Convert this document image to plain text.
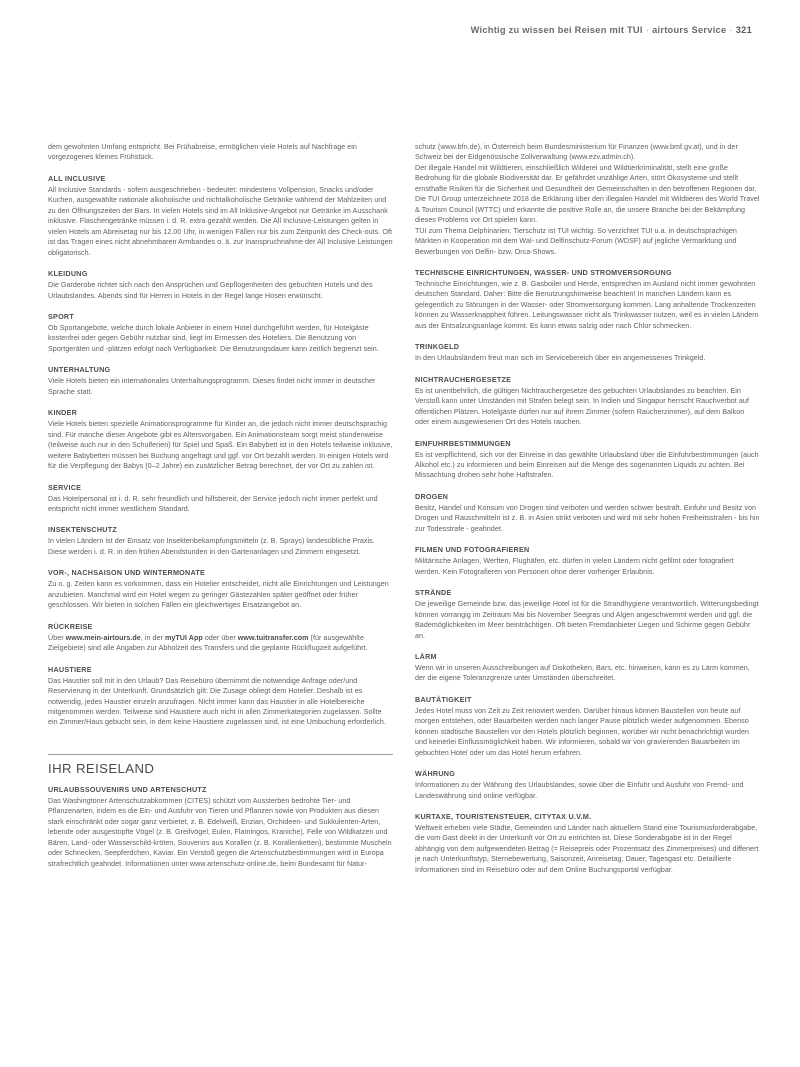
Wichtig zu wissen bei Reisen mit TUI · airtours Service · 321

dem gewohnten Umfang entspricht. Bei Frühabreise, ermöglichen viele Hotels auf Nachfrage ein vorgezogenes kleines Frühstück.

ALL INCLUSIVE

All Inclusive Standards - sofern ausgeschrieben - bedeutet: mindestens Vollpension, Snacks und/oder Kuchen, ausgewählte nationale alkoholische und nichtalkoholische Getränke während der Mahlzeiten und zu den Öffnungszeiten der Bars. In vielen Hotels sind im All Inklusive-Angebot nur Getränke im Ausschank inklusive. Flaschengetränke müssen i. d. R. extra gezahlt werden. Die All Inclusive-Leistungen gelten in vielen Hotels am Abreisetag nur bis 12.00 Uhr, in wenigen Fällen nur bis zum Zeitpunkt des Check-outs. Oft ist das Tragen eines nicht abnehmbaren Armbandes o. ä. zur Inanspruchnahme der All Inclusive Leistungen obligatorisch.

KLEIDUNG

Die Garderobe richtet sich nach den Ansprüchen und Gepflogenheiten des gebuchten Hotels und des Urlaubslandes. Abends sind für Herren in Hotels in der Regel lange Hosen erwünscht.

SPORT

Ob Sportangebote, welche durch lokale Anbieter in einem Hotel durchgeführt werden, für Hotelgäste kostenfrei oder gegen Gebühr nutzbar sind, liegt im Ermessen des Hoteliers. Die Benutzung von Sportgeräten und -plätzen erfolgt nach Verfügbarkeit. Die Benutzungsdauer kann zeitlich begrenzt sein.

UNTERHALTUNG

Viele Hotels bieten ein internationales Unterhaltungsprogramm. Dieses findet nicht immer in deutscher Sprache statt.

KINDER

Viele Hotels bieten spezielle Animationsprogramme für Kinder an, die jedoch nicht immer deutschsprachig sind. Für manche dieser Angebote gibt es Altersvorgaben. Ein Animationsteam sorgt meist stundenweise (teilweise auch nur in den Schulferien) für Spiel und Spaß. Ein Babybett ist in den Hotels teilweise inklusive, weitere Babybetten müssen bei Buchung angefragt und ggf. vor Ort bezahlt werden. In einigen Hotels wird für die Verpflegung der Babys (0–2 Jahre) ein zusätzlicher Betrag berechnet, der vor Ort zu zahlen ist.

SERVICE

Das Hotelpersonal ist i. d. R. sehr freundlich und hilfsbereit, der Service jedoch nicht immer perfekt und entspricht nicht immer westlichem Standard.

INSEKTENSCHUTZ

In vielen Ländern ist der Einsatz von Insektenbekampfungsmitteln (z. B. Sprays) landesübliche Praxis. Diese werden i. d. R. in den frühen Abendstunden in den Gartenanlagen und Zimmern eingesetzt.

VOR-, NACHSAISON UND WINTERMONATE

Zu o. g. Zeiten kann es vorkommen, dass ein Hotelier entscheidet, nicht alle Einrichtungen und Leistungen anzubieten. Manchmal wird ein Hotel wegen zu geringer Gästezahlen später geöffnet oder früher geschlossen. Wir bieten in solchen Fällen ein gleichwertiges Ersatzangebot an.

RÜCKREISE

Über www.mein-airtours.de, in der myTUI App oder über www.tuitransfer.com (für ausgewählte Zielgebiete) sind alle Angaben zur Abholzeit des Transfers und die geplante Rückflugzeit aufgeführt.

HAUSTIERE

Das Haustier soll mit in den Urlaub? Das Reisebüro übernimmt die notwendige Anfrage oder/und Reservierung in der Unterkunft. Grundsätzlich gilt: Die Zusage obliegt dem Hotelier. Deshalb ist es notwendig, jedes Haustier einzeln anzufragen. Nicht immer kann das Haustier in alle Hotelbereiche mitgenommen werden. Teilweise sind Haustiere auch nicht in allen Zimmerkategorien zugelassen. Sollte ein Zimmer/Haus gebucht sein, in dem keine Haustiere zugelassen sind, ist eine Umbuchung erforderlich.

IHR REISELAND

URLAUBSSOUVENIRS UND ARTENSCHUTZ

Das Washingtoner Artenschutzabkommen (CITES) schützt vom Aussterben bedrohte Tier- und Pflanzenarten, indem es die Ein- und Ausfuhr von Tieren und Pflanzen sowie von Produkten aus diesen stark einschränkt oder sogar ganz verbietet, z. B. Edelweiß, Enzian, Orchideen- und Sukkulenten-Arten, lebende oder ausgestopfte Vögel (z. B. Greifvögel, Eulen, Flamingos, Kraniche), Felle von Wildkatzen und Bären, Land- oder Wasserschild-kröten, Souvenirs aus Korallen (z. B. Korallenketten), bestimmte Muscheln oder Schnecken, Seepferdchen, Kaviar. Ein Verstoß gegen die Artenschutzbestimmungen wird in Europa strafrechtlich geahndet. Informationen unter www.artenschutz-online.de, beim Bundesamt für Natur-

schutz (www.bfn.de), in Österreich beim Bundesministerium für Finanzen (www.bmf.gv.at), und in der Schweiz bei der Eidgenössische Zollverwaltung (www.ezv.admin.ch).

Der illegale Handel mit Wildtieren, einschließlich Wilderei und Wildtierkriminalität, stellt eine große Bedrohung für die globale Biodiversität dar. Er gefährdet unzählige Arten, stört Ökosysteme und stellt ernsthafte Risiken für die Sicherheit und Gesundheit der Gemeinschaften in den betroffenen Regionen dar. Die TUI Group unterzeichnete 2018 die Erklärung über den illegalen Handel mit Wildtieren des World Travel & Tourism Council (WTTC) und erkannte die positive Rolle an, die unsere Branche bei der Bekämpfung dieses Problems vor Ort spielen kann.

TUI zum Thema Delphinarien: Tierschutz ist TUI wichtig. So verzichtet TUI u.a. in deutschsprachigen Märkten in Kooperation mit dem Wal- und Delfinschutz-Forum (WDSF) auf jegliche Vermarktung und Bewerbungen von Delfin- bzw. Orca-Shows.

TECHNISCHE EINRICHTUNGEN, WASSER- UND STROMVERSORGUNG

Technische Einrichtungen, wie z. B. Gasboiler und Herde, entsprechen im Ausland nicht immer gewohnten deutschen Standard. Daher: Bitte die Benutzungshinweise beachten! In manchen Ländern kann es gelegentlich zu Störungen in der Wasser- oder Stromversorgung kommen. Lang anhaltende Trockenzeiten können zu Wasserknappheit führen. Leitungswasser nicht als Trinkwasser nutzen, weil es in vielen Ländern aus der Entsalzungsanlage kommt. Es kann etwas salzig oder nach Chlor schmecken.

TRINKGELD

In den Urlaubsländern freut man sich im Servicebereich über ein angemessenes Trinkgeld.

NICHTRAUCHERGESETZE

Es ist unentbehrlich, die gültigen Nichtrauchergesetze des gebuchten Urlaubslandes zu beachten. Ein Verstoß kann unter Umständen mit Strafen belegt sein. In Indien und Singapur herrscht Rauchverbot auf öffentlichen Plätzen. Hotelgäste dürfen nur auf ihrem Zimmer (sofern Raucherzimmer), auf dem Balkon oder einem ausgewiesenen Ort des Hotels rauchen.

EINFUHRBESTIMMUNGEN

Es ist verpflichtend, sich vor der Einreise in das gewählte Urlaubsland über die Einfuhrbestimmungen (auch Alkohol etc.) zu informieren und beim Einreisen auf die Menge des sogenannten Liquids zu achten. Bei Missachtung drohen sehr hohe Haftstrafen.

DROGEN

Besitz, Handel und Konsum von Drogen sind verboten und werden schwer bestraft. Einfuhr und Besitz von Drogen und Rauschmitteln ist z. B. in Asien strikt verboten und wird mit sehr hohen Freiheitsstrafen - bis hin zur Todesstrafe - geahndet.

FILMEN UND FOTOGRAFIEREN

Militärische Anlagen, Werften, Flughäfen, etc. dürfen in vielen Ländern nicht gefilmt oder fotografiert werden. Kein Fotografieren von Personen ohne derer vorheriger Erlaubnis.

STRÄNDE

Die jeweilige Gemeinde bzw. das jeweilige Hotel ist für die Strandhygiene verantwortlich. Witterungsbedingt können vorrangig im Zeitraum Mai bis November Seegras und Algen angeschwemmt werden und ggf. die Bademöglichkeiten im Meer beinträchtigen. Oft bieten Fremdanbieter Liegen und Schirme gegen Gebühr an.

LÄRM

Wenn wir in unseren Ausschreibungen auf Diskotheken, Bars, etc. hinweisen, kann es zu Lärm kommen, der die eigene Toleranzgrenze unter Umständen überschreitet.

BAUTÄTIGKEIT

Jedes Hotel muss von Zeit zu Zeit renoviert werden. Darüber hinaus können Baustellen von heute auf morgen entstehen, oder Bauarbeiten werden nach langer Pause plötzlich wieder aufgenommen. Ebenso können städtische Baustellen vor den Hotels plötzlich beginnen, worüber wir nicht benachrichtigt wurden und keinerlei Einflussmöglichkeit haben. Wir informieren, sobald wir von gravierenden Bauarbeiten im gebuchten Hotel oder um das Hotel herum erfahren.

WÄHRUNG

Informationen zu der Währung des Urlaubslandes, sowie über die Einfuhr und Ausfuhr von Fremd- und Landeswährung sind online verfügbar.

KURTAXE, TOURISTENSTEUER, CITYTAX U.V.M.

Weltweit erheben viele Städte, Gemeinden und Länder nach aktuellem Stand eine Tourismusforderabgabe, die vom Gast direkt in der Unterkunft vor Ort zu entrichten ist. Diese Sonderabgabe ist in der Regel abhängig von dem aufgewendeten Betrag (= Reisepreis oder Prozentsatz des Zimmerpreises) und differiert je nach Unterkunftstyp, Sternebewertung, Saisonzeit, Anreisetag, Dauer, Tagesgast etc. Detaillierte Informationen sind im Reisebüro oder auf dem Online Buchungsportal verfügbar.
